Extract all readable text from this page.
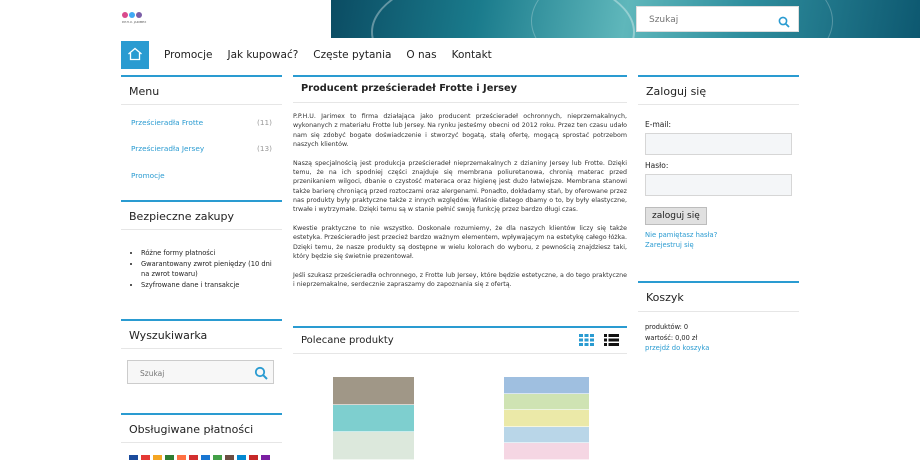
P.P.H.U. JARIMEX
Szukaj
Promocje Jak kupować? Częste pytania O nas Kontakt
Menu
Prześcieradła Frotte	(11)
Prześcieradła Jersey	(13)
Promocje
Bezpieczne zakupy
• Różne formy płatności
• Gwarantowany zwrot pieniędzy (10 dni na zwrot towaru)
• Szyfrowane dane i transakcje
Wyszukiwarka
Szukaj
Obsługiwane płatności
Producent prześcieradeł Frotte i Jersey

P.P.H.U. Jarimex to firma działająca jako producent prześcieradeł ochronnych, nieprzemakalnych, wykonanych z materiału Frotte lub Jersey. Na rynku jesteśmy obecni od 2012 roku. Przez ten czasu udało nam się zdobyć bogate doświadczenie i stworzyć bogatą, stałą ofertę, mogącą sprostać potrzebom naszych klientów.

Naszą specjalnością jest produkcja prześcieradeł nieprzemakalnych z dzianiny Jersey lub Frotte. Dzięki temu, że na ich spodniej części znajduje się membrana poliuretanowa, chronią materac przed przenikaniem wilgoci, dbanie o czystość materaca oraz higienę jest dużo łatwiejsze. Membrana stanowi także barierę chroniącą przed roztoczami oraz alergenami. Ponadto, dokładamy stań, by oferowane przez nas produkty były praktyczne także z innych względów. Właśnie dlatego dbamy o to, by były elastyczne, trwałe i wytrzymałe. Dzięki temu są w stanie pełnić swoją funkcję przez bardzo długi czas.

Kwestie praktyczne to nie wszystko. Doskonale rozumiemy, że dla naszych klientów liczy się także estetyka. Prześcieradło jest przecież bardzo ważnym elementem, wpływającym na estetykę całego łóżka. Dzięki temu, że nasze produkty są dostępne w wielu kolorach do wyboru, z pewnością znajdziesz taki, który będzie się świetnie prezentował.

Jeśli szukasz prześcieradła ochronnego, z Frotte lub Jersey, które będzie estetyczne, a do tego praktyczne i nieprzemakalne, serdecznie zapraszamy do zapoznania się z ofertą.

Polecane produkty
Zaloguj się
E-mail:
Hasło:
zaloguj się
Nie pamiętasz hasła?
Zarejestruj się
Koszyk
produktów: 0
wartość: 0,00 zł
przejdź do koszyka
